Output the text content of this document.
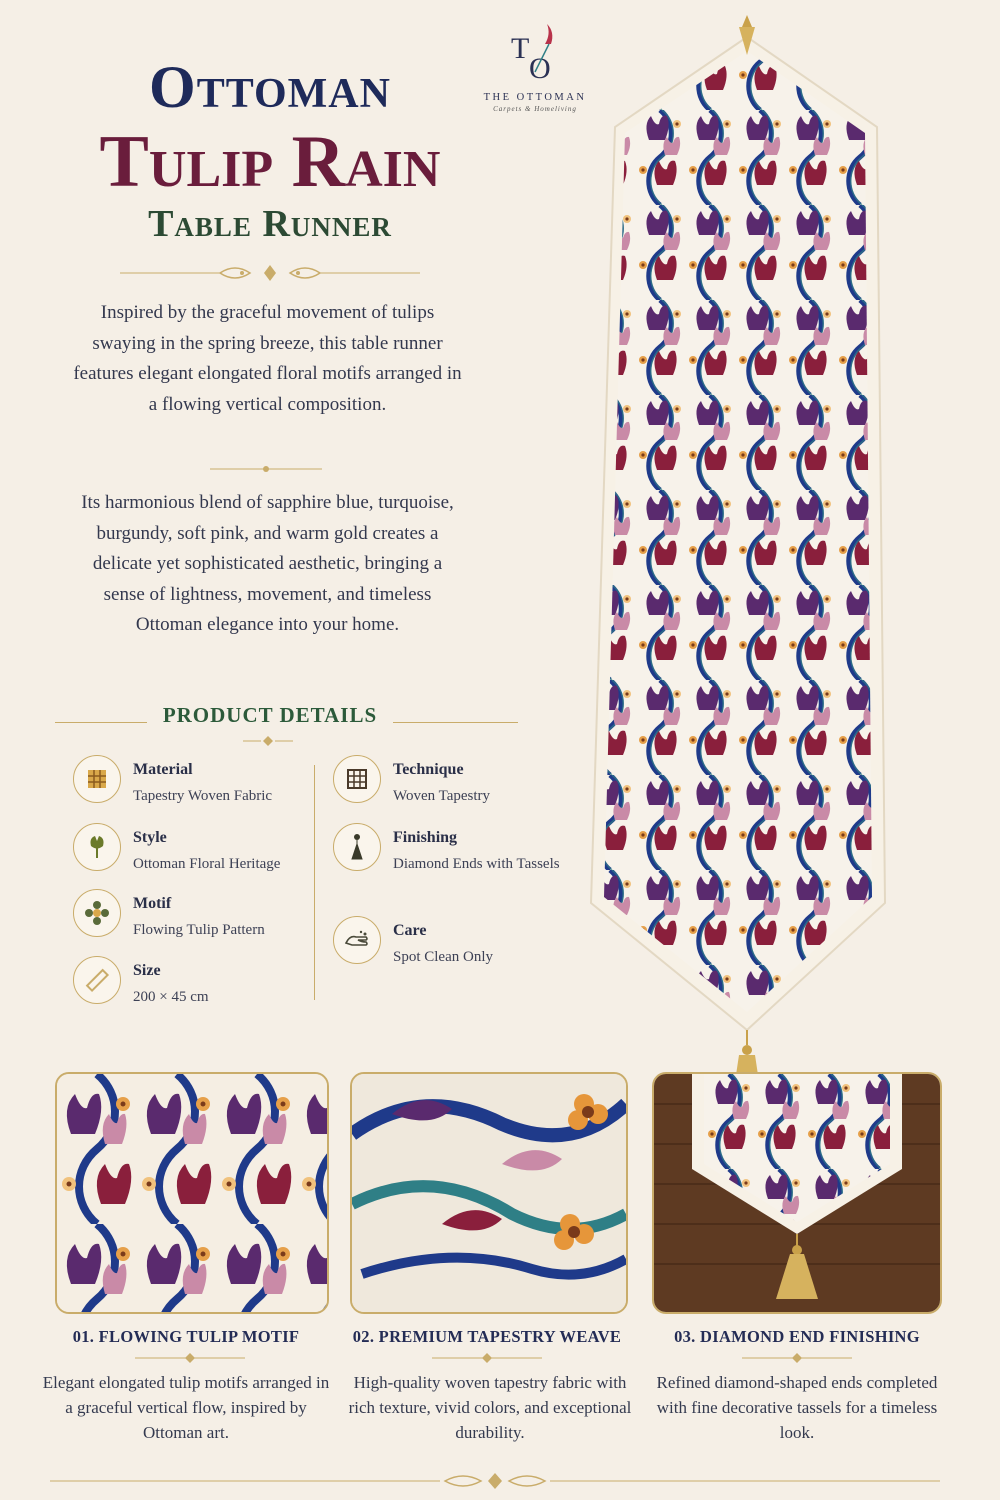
Ottoman
Tulip Rain
Table Runner
T
O
THE OTTOMAN
Carpets & Homeliving
Inspired by the graceful movement of tulips swaying in the spring breeze, this table runner features elegant elongated floral motifs arranged in a flowing vertical composition.
Its harmonious blend of sapphire blue, turquoise, burgundy, soft pink, and warm gold creates a delicate yet sophisticated aesthetic, bringing a sense of lightness, movement, and timeless Ottoman elegance into your home.
PRODUCT DETAILS
Material
Tapestry Woven Fabric
Style
Ottoman Floral Heritage
Motif
Flowing Tulip Pattern
Size
200 × 45 cm
Technique
Woven Tapestry
Finishing
Diamond Ends with Tassels
Care
Spot Clean Only
01. FLOWING TULIP MOTIF	02. PREMIUM TAPESTRY WEAVE	03. DIAMOND END FINISHING
Elegant elongated tulip motifs arranged in a graceful vertical flow, inspired by Ottoman art.
High-quality woven tapestry fabric with rich texture, vivid colors, and exceptional durability.
Refined diamond-shaped ends completed with fine decorative tassels for a timeless look.
